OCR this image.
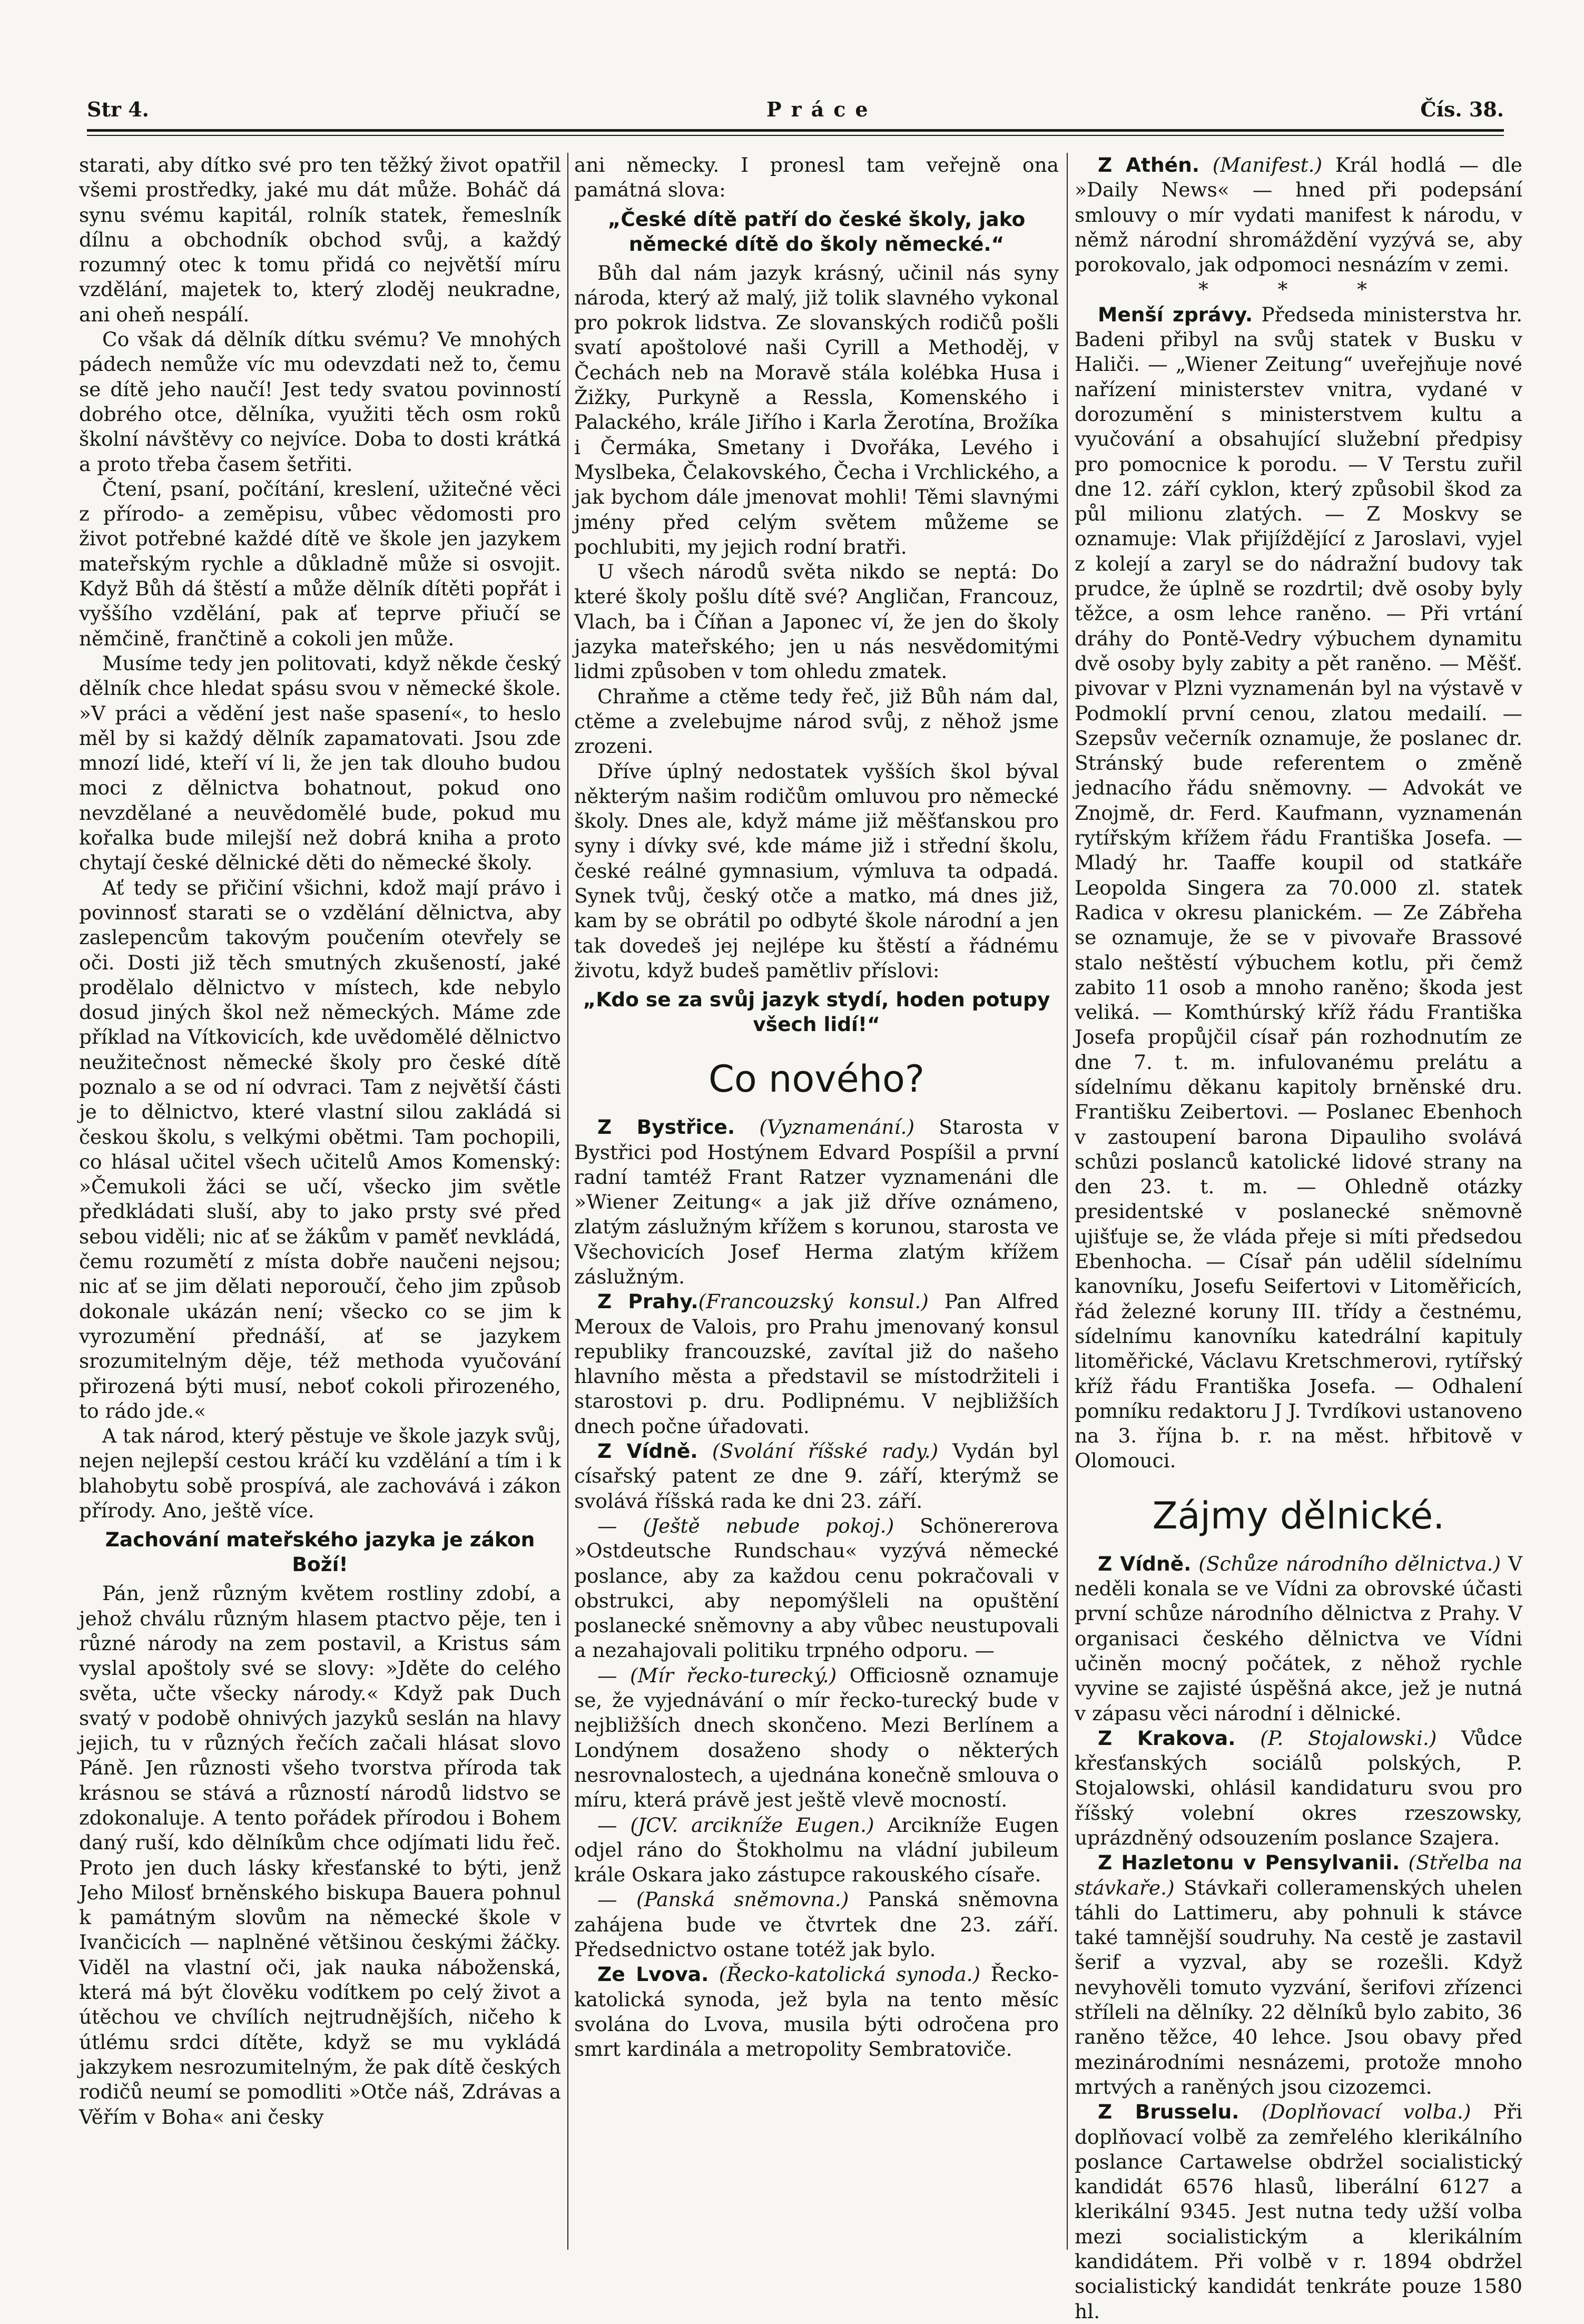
Str 4.	Práce	Čís. 38.

starati, aby dítko své pro ten těžký život opatřil všemi prostředky, jaké mu dát může. Boháč dá synu svému kapitál, rolník statek, řemeslník dílnu a obchodník obchod svůj, a každý rozumný otec k tomu přidá co největší míru vzdělání, majetek to, který zloděj neukradne, ani oheň nespálí.

Co však dá dělník dítku svému? Ve mnohých pádech nemůže víc mu odevzdati než to, čemu se dítě jeho naučí! Jest tedy svatou povinností dobrého otce, dělníka, využiti těch osm roků školní návštěvy co nejvíce. Doba to dosti krátká a proto třeba časem šetřiti.

Čtení, psaní, počítání, kreslení, užitečné věci z přírodo- a zeměpisu, vůbec vědomosti pro život potřebné každé dítě ve škole jen jazykem mateřským rychle a důkladně může si osvojit. Když Bůh dá štěstí a může dělník dítěti popřát i vyššího vzdělání, pak ať teprve přiučí se němčině, frančtině a cokoli jen může.

Musíme tedy jen politovati, když někde český dělník chce hledat spásu svou v německé škole. »V práci a vědění jest naše spasení«, to heslo měl by si každý dělník zapamatovati. Jsou zde mnozí lidé, kteří ví li, že jen tak dlouho budou moci z dělnictva bohatnout, pokud ono nevzdělané a neuvědomělé bude, pokud mu kořalka bude milejší než dobrá kniha a proto chytají české dělnické děti do německé školy.

Ať tedy se přičiní všichni, kdož mají právo i povinnosť starati se o vzdělání dělnictva, aby zaslepencům takovým poučením otevřely se oči. Dosti již těch smutných zkušeností, jaké prodělalo dělnictvo v místech, kde nebylo dosud jiných škol než německých. Máme zde příklad na Vítkovicích, kde uvědomělé dělnictvo neužitečnost německé školy pro české dítě poznalo a se od ní odvraci. Tam z největší části je to dělnictvo, které vlastní silou zakládá si českou školu, s velkými obětmi. Tam pochopili, co hlásal učitel všech učitelů Amos Komenský: »Čemukoli žáci se učí, všecko jim světle předkládati sluší, aby to jako prsty své před sebou viděli; nic ať se žákům v paměť nevkládá, čemu rozumětí z místa dobře naučeni nejsou; nic ať se jim dělati neporoučí, čeho jim způsob dokonale ukázán není; všecko co se jim k vyrozumění přednáší, ať se jazykem srozumitelným děje, též methoda vyučování přirozená býti musí, neboť cokoli přirozeného, to rádo jde.«

A tak národ, který pěstuje ve škole jazyk svůj, nejen nejlepší cestou kráčí ku vzdělání a tím i k blahobytu sobě prospívá, ale zachovává i zákon přírody. Ano, ještě více.

Zachování mateřského jazyka je zákon Boží!

Pán, jenž různým květem rostliny zdobí, a jehož chválu různým hlasem ptactvo pěje, ten i různé národy na zem postavil, a Kristus sám vyslal apoštoly své se slovy: »Jděte do celého světa, učte všecky národy.« Když pak Duch svatý v podobě ohnivých jazyků seslán na hlavy jejich, tu v různých řečích začali hlásat slovo Páně. Jen různosti všeho tvorstva příroda tak krásnou se stává a růzností národů lidstvo se zdokonaluje. A tento pořádek přírodou i Bohem daný ruší, kdo dělníkům chce odjímati lidu řeč. Proto jen duch lásky křesťanské to býti, jenž Jeho Milosť brněnského biskupa Bauera pohnul k památným slovům na německé škole v Ivančicích — naplněné většinou českými žáčky. Viděl na vlastní oči, jak nauka náboženská, která má být člověku vodítkem po celý život a útěchou ve chvílích nejtrudnějších, ničeho k útlému srdci dítěte, když se mu vykládá jakzykem nesrozumitelným, že pak dítě českých rodičů neumí se pomodliti »Otče náš, Zdrávas a Věřím v Boha« ani česky

ani německy. I pronesl tam veřejně ona památná slova:

„České dítě patří do české školy, jako německé dítě do školy německé.“

Bůh dal nám jazyk krásný, učinil nás syny národa, který až malý, již tolik slavného vykonal pro pokrok lidstva. Ze slovanských rodičů pošli svatí apoštolové naši Cyrill a Methoděj, v Čechách neb na Moravě stála kolébka Husa i Žižky, Purkyně a Ressla, Komenského i Palackého, krále Jiřího i Karla Žerotína, Brožíka i Čermáka, Smetany i Dvořáka, Levého i Myslbeka, Čelakovského, Čecha i Vrchlického, a jak bychom dále jmenovat mohli! Těmi slavnými jmény před celým světem můžeme se pochlubiti, my jejich rodní bratři.

U všech národů světa nikdo se neptá: Do které školy pošlu dítě své? Angličan, Francouz, Vlach, ba i Číňan a Japonec ví, že jen do školy jazyka mateřského; jen u nás nesvědomitými lidmi způsoben v tom ohledu zmatek.

Chraňme a ctěme tedy řeč, již Bůh nám dal, ctěme a zvelebujme národ svůj, z něhož jsme zrozeni.

Dříve úplný nedostatek vyšších škol býval některým našim rodičům omluvou pro německé školy. Dnes ale, když máme již měšťanskou pro syny i dívky své, kde máme již i střední školu, české reálné gymnasium, výmluva ta odpadá. Synek tvůj, český otče a matko, má dnes již, kam by se obrátil po odbyté škole národní a jen tak dovedeš jej nejlépe ku štěstí a řádnému životu, když budeš pamětliv příslovi:

„Kdo se za svůj jazyk stydí, hoden potupy všech lidí!“

Co nového?

Z Bystřice. (Vyznamenání.) Starosta v Bystřici pod Hostýnem Edvard Pospíšil a první radní tamtéž Frant Ratzer vyznamenáni dle »Wiener Zeitung« a jak již dříve oznámeno, zlatým záslužným křížem s korunou, starosta ve Všechovicích Josef Herma zlatým křížem záslužným.

Z Prahy.(Francouzský konsul.) Pan Alfred Meroux de Valois, pro Prahu jmenovaný konsul republiky francouzské, zavítal již do našeho hlavního města a představil se místodržiteli i starostovi p. dru. Podlipnému. V nejbližších dnech počne úřadovati.

Z Vídně. (Svolání říšské rady.) Vydán byl císařský patent ze dne 9. září, kterýmž se svolává říšská rada ke dni 23. září.

— (Ještě nebude pokoj.) Schönererova »Ostdeutsche Rundschau« vyzývá německé poslance, aby za každou cenu pokračovali v obstrukci, aby nepomýšleli na opuštění poslanecké sněmovny a aby vůbec neustupovali a nezahajovali politiku trpného odporu. —

— (Mír řecko-turecký.) Officiosně oznamuje se, že vyjednávání o mír řecko-turecký bude v nejbližších dnech skončeno. Mezi Berlínem a Londýnem dosaženo shody o některých nesrovnalostech, a ujednána konečně smlouva o míru, která právě jest ještě vlevě mocností.

— (JCV. arcikníže Eugen.) Arcikníže Eugen odjel ráno do Štokholmu na vládní jubileum krále Oskara jako zástupce rakouského císaře.

— (Panská sněmovna.) Panská sněmovna zahájena bude ve čtvrtek dne 23. září. Předsednictvo ostane totéž jak bylo.

Ze Lvova. (Řecko-katolická synoda.) Řecko-katolická synoda, jež byla na tento měsíc svolána do Lvova, musila býti odročena pro smrt kardinála a metropolity Sembratoviče.

Z Athén. (Manifest.) Král hodlá — dle »Daily News« — hned při podepsání smlouvy o mír vydati manifest k národu, v němž národní shromáždění vyzývá se, aby porokovalo, jak odpomoci nesnázím v zemi.

* * *

Menší zprávy. Předseda ministerstva hr. Badeni přibyl na svůj statek v Busku v Haliči. — „Wiener Zeitung“ uveřejňuje nové nařízení ministerstev vnitra, vydané v dorozumění s ministerstvem kultu a vyučování a obsahující služební předpisy pro pomocnice k porodu. — V Terstu zuřil dne 12. září cyklon, který způsobil škod za půl milionu zlatých. — Z Moskvy se oznamuje: Vlak přijíždějící z Jaroslavi, vyjel z kolejí a zaryl se do nádražní budovy tak prudce, že úplně se rozdrtil; dvě osoby byly těžce, a osm lehce raněno. — Při vrtání dráhy do Pontě-Vedry výbuchem dynamitu dvě osoby byly zabity a pět raněno. — Měšť. pivovar v Plzni vyznamenán byl na výstavě v Podmoklí první cenou, zlatou medailí. — Szepsův večerník oznamuje, že poslanec dr. Stránský bude referentem o změně jednacího řádu sněmovny. — Advokát ve Znojmě, dr. Ferd. Kaufmann, vyznamenán rytířským křížem řádu Františka Josefa. — Mladý hr. Taaffe koupil od statkáře Leopolda Singera za 70.000 zl. statek Radica v okresu planickém. — Ze Zábřeha se oznamuje, že se v pivovaře Brassové stalo neštěstí výbuchem kotlu, při čemž zabito 11 osob a mnoho raněno; škoda jest veliká. — Komthúrský kříž řádu Františka Josefa propůjčil císař pán rozhodnutím ze dne 7. t. m. infulovanému prelátu a sídelnímu děkanu kapitoly brněnské dru. Františku Zeibertovi. — Poslanec Ebenhoch v zastoupení barona Dipauliho svolává schůzi poslanců katolické lidové strany na den 23. t. m. — Ohledně otázky presidentské v poslanecké sněmovně ujišťuje se, že vláda přeje si míti předsedou Ebenhocha. — Císař pán udělil sídelnímu kanovníku, Josefu Seifertovi v Litoměřicích, řád železné koruny III. třídy a čestnému, sídelnímu kanovníku katedrální kapituly litoměřické, Václavu Kretschmerovi, rytířský kříž řádu Františka Josefa. — Odhalení pomníku redaktoru J J. Tvrdíkovi ustanoveno na 3. října b. r. na měst. hřbitově v Olomouci.

Zájmy dělnické.

Z Vídně. (Schůze národního dělnictva.) V neděli konala se ve Vídni za obrovské účasti první schůze národního dělnictva z Prahy. V organisaci českého dělnictva ve Vídni učiněn mocný počátek, z něhož rychle vyvine se zajisté úspěšná akce, jež je nutná v zápasu věci národní i dělnické.

Z Krakova. (P. Stojalowski.) Vůdce křesťanských sociálů polských, P. Stojalowski, ohlásil kandidaturu svou pro říšský volební okres rzeszowsky, uprázdněný odsouzením poslance Szajera.

Z Hazletonu v Pensylvanii. (Střelba na stávkaře.) Stávkaři colleramenských uhelen táhli do Lattimeru, aby pohnuli k stávce také tamnější soudruhy. Na cestě je zastavil šerif a vyzval, aby se rozešli. Když nevyhověli tomuto vyzvání, šerifovi zřízenci stříleli na dělníky. 22 dělníků bylo zabito, 36 raněno těžce, 40 lehce. Jsou obavy před mezinárodními nesnázemi, protože mnoho mrtvých a raněných jsou cizozemci.

Z Brusselu. (Doplňovací volba.) Při doplňovací volbě za zemřelého klerikálního poslance Cartawelse obdržel socialistický kandidát 6576 hlasů, liberální 6127 a klerikální 9345. Jest nutna tedy užší volba mezi socialistickým a klerikálním kandidátem. Při volbě v r. 1894 obdržel socialistický kandidát tenkráte pouze 1580 hl.
